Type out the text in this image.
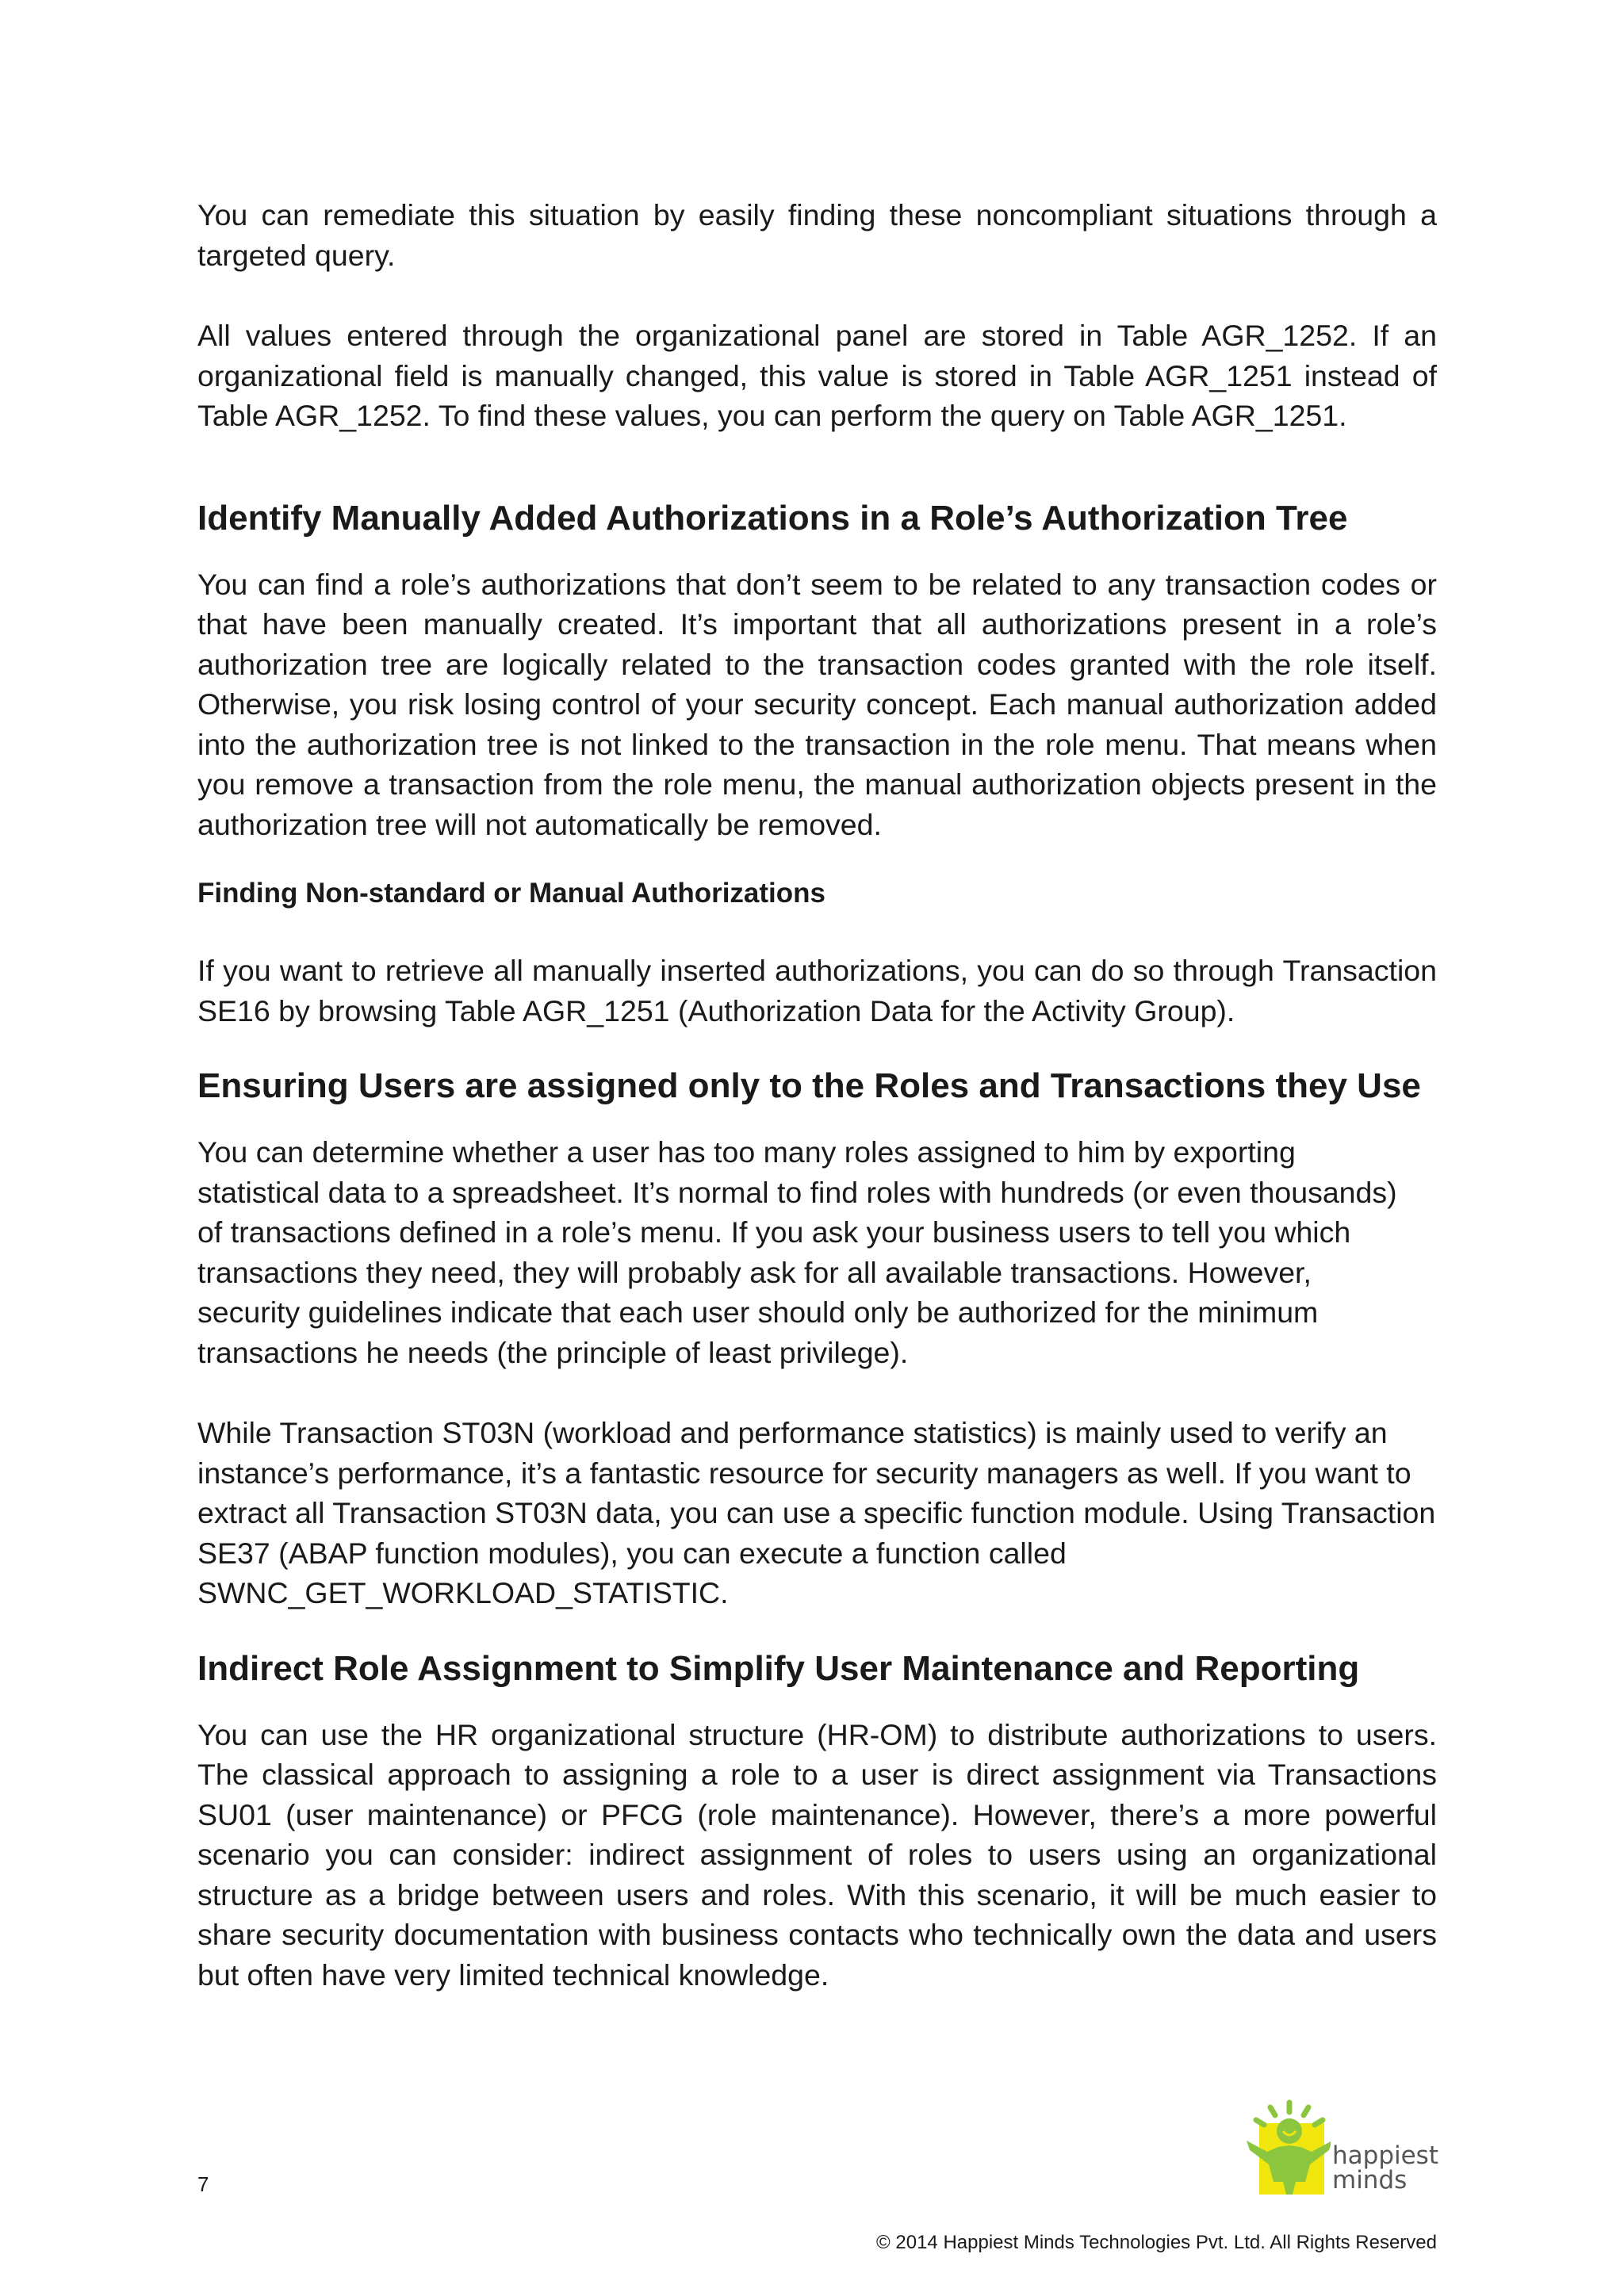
You can remediate this situation by easily finding these noncompliant situations through a targeted query.

All values entered through the organizational panel are stored in Table AGR_1252. If an organizational field is manually changed, this value is stored in Table AGR_1251 instead of Table AGR_1252. To find these values, you can perform the query on Table AGR_1251.

Identify Manually Added Authorizations in a Role’s Authorization Tree

You can find a role’s authorizations that don’t seem to be related to any transaction codes or that have been manually created. It’s important that all authorizations present in a role’s authorization tree are logically related to the transaction codes granted with the role itself. Otherwise, you risk losing control of your security concept. Each manual authorization added into the authorization tree is not linked to the transaction in the role menu. That means when you remove a transaction from the role menu, the manual authorization objects present in the authorization tree will not automatically be removed.

Finding Non-standard or Manual Authorizations

If you want to retrieve all manually inserted authorizations, you can do so through Transaction SE16 by browsing Table AGR_1251 (Authorization Data for the Activity Group).

Ensuring Users are assigned only to the Roles and Transactions they Use

You can determine whether a user has too many roles assigned to him by exporting
statistical data to a spreadsheet. It’s normal to find roles with hundreds (or even thousands)
of transactions defined in a role’s menu. If you ask your business users to tell you which
transactions they need, they will probably ask for all available transactions. However,
security guidelines indicate that each user should only be authorized for the minimum
transactions he needs (the principle of least privilege).

While Transaction ST03N (workload and performance statistics) is mainly used to verify an
instance’s performance, it’s a fantastic resource for security managers as well. If you want to
extract all Transaction ST03N data, you can use a specific function module. Using Transaction
SE37 (ABAP function modules), you can execute a function called
SWNC_GET_WORKLOAD_STATISTIC.

Indirect Role Assignment to Simplify User Maintenance and Reporting

You can use the HR organizational structure (HR-OM) to distribute authorizations to users. The classical approach to assigning a role to a user is direct assignment via Transactions SU01 (user maintenance) or PFCG (role maintenance). However, there’s a more powerful scenario you can consider: indirect assignment of roles to users using an organizational structure as a bridge between users and roles. With this scenario, it will be much easier to share security documentation with business contacts who technically own the data and users but often have very limited technical knowledge.

7
happiest
minds
© 2014 Happiest Minds Technologies Pvt. Ltd. All Rights Reserved
